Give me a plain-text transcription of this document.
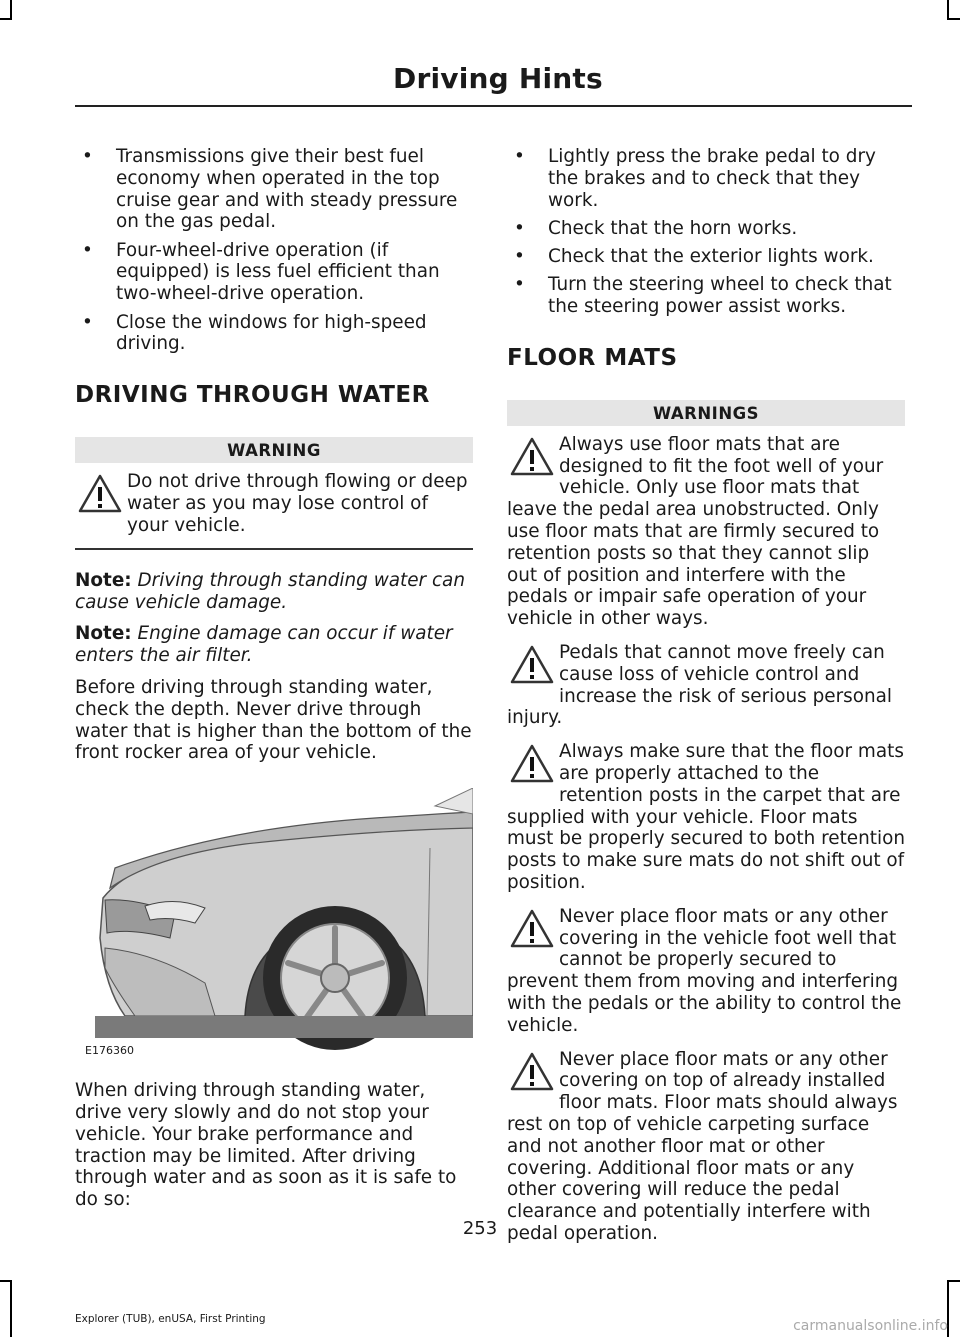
Driving Hints
• Transmissions give their best fuel economy when operated in the top cruise gear and with steady pressure on the gas pedal.
• Four-wheel-drive operation (if equipped) is less fuel efficient than two-wheel-drive operation.
• Close the windows for high-speed driving.
DRIVING THROUGH WATER
WARNING

Do not drive through flowing or deep water as you may lose control of your vehicle.

Note: Driving through standing water can cause vehicle damage.

Note: Engine damage can occur if water enters the air filter.

Before driving through standing water, check the depth. Never drive through water that is higher than the bottom of the front rocker area of your vehicle.

E176360

When driving through standing water, drive very slowly and do not stop your vehicle. Your brake performance and traction may be limited. After driving through water and as soon as it is safe to do so:

• Lightly press the brake pedal to dry the brakes and to check that they work.
• Check that the horn works.
• Check that the exterior lights work.
• Turn the steering wheel to check that the steering power assist works.
FLOOR MATS
WARNINGS

Always use floor mats that are designed to fit the foot well of your vehicle. Only use floor mats that leave the pedal area unobstructed. Only use floor mats that are firmly secured to retention posts so that they cannot slip out of position and interfere with the pedals or impair safe operation of your vehicle in other ways.

Pedals that cannot move freely can cause loss of vehicle control and increase the risk of serious personal injury.

Always make sure that the floor mats are properly attached to the retention posts in the carpet that are supplied with your vehicle. Floor mats must be properly secured to both retention posts to make sure mats do not shift out of position.

Never place floor mats or any other covering in the vehicle foot well that cannot be properly secured to prevent them from moving and interfering with the pedals or the ability to control the vehicle.

Never place floor mats or any other covering on top of already installed floor mats. Floor mats should always rest on top of vehicle carpeting surface and not another floor mat or other covering. Additional floor mats or any other covering will reduce the pedal clearance and potentially interfere with pedal operation.

253
Explorer (TUB), enUSA, First Printing	carmanualsonline.info
